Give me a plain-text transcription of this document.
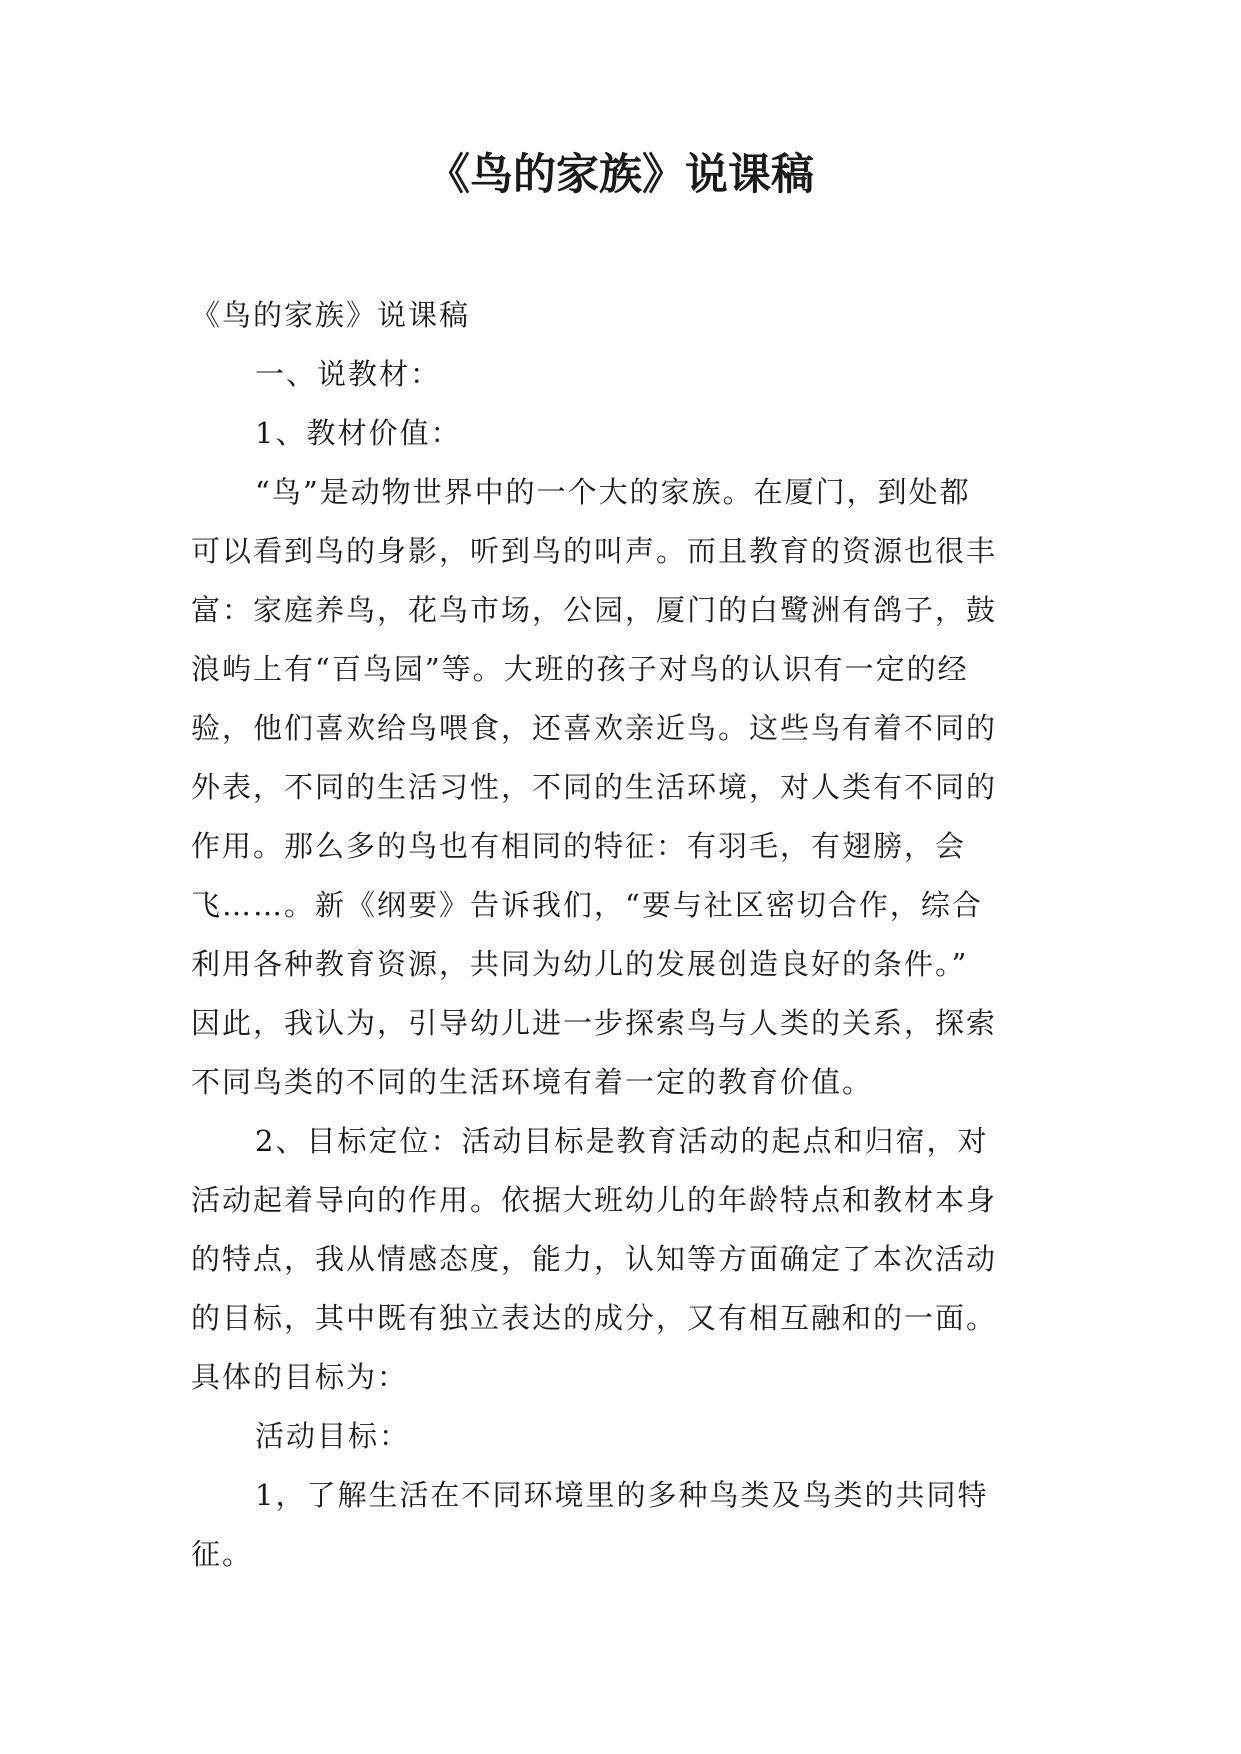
《鸟的家族》说课稿

《鸟的家族》说课稿

一、说教材：

1、教材价值：

“鸟”是动物世界中的一个大的家族。在厦门，到处都

可以看到鸟的身影，听到鸟的叫声。而且教育的资源也很丰

富：家庭养鸟，花鸟市场，公园，厦门的白鹭洲有鸽子，鼓

浪屿上有“百鸟园”等。大班的孩子对鸟的认识有一定的经

验，他们喜欢给鸟喂食，还喜欢亲近鸟。这些鸟有着不同的

外表，不同的生活习性，不同的生活环境，对人类有不同的

作用。那么多的鸟也有相同的特征：有羽毛，有翅膀，会

飞……。新《纲要》告诉我们，“要与社区密切合作，综合

利用各种教育资源，共同为幼儿的发展创造良好的条件。”

因此，我认为，引导幼儿进一步探索鸟与人类的关系，探索

不同鸟类的不同的生活环境有着一定的教育价值。

2、目标定位：活动目标是教育活动的起点和归宿，对

活动起着导向的作用。依据大班幼儿的年龄特点和教材本身

的特点，我从情感态度，能力，认知等方面确定了本次活动

的目标，其中既有独立表达的成分，又有相互融和的一面。

具体的目标为：

活动目标：

1，了解生活在不同环境里的多种鸟类及鸟类的共同特

征。
